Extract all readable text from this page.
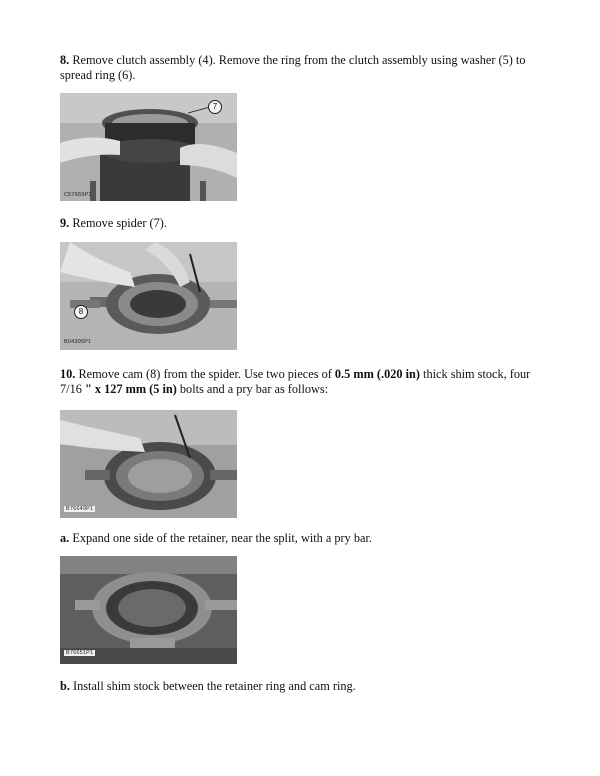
8. Remove clutch assembly (4). Remove the ring from the clutch assembly using washer (5) to spread ring (6).

7
C57659P1

9. Remove spider (7).

8
B04305P1

10. Remove cam (8) from the spider. Use two pieces of 0.5 mm (.020 in) thick shim stock, four 7/16 " x 127 mm (5 in) bolts and a pry bar as follows:

B76649P1

a. Expand one side of the retainer, near the split, with a pry bar.

B76651P1

b. Install shim stock between the retainer ring and cam ring.
